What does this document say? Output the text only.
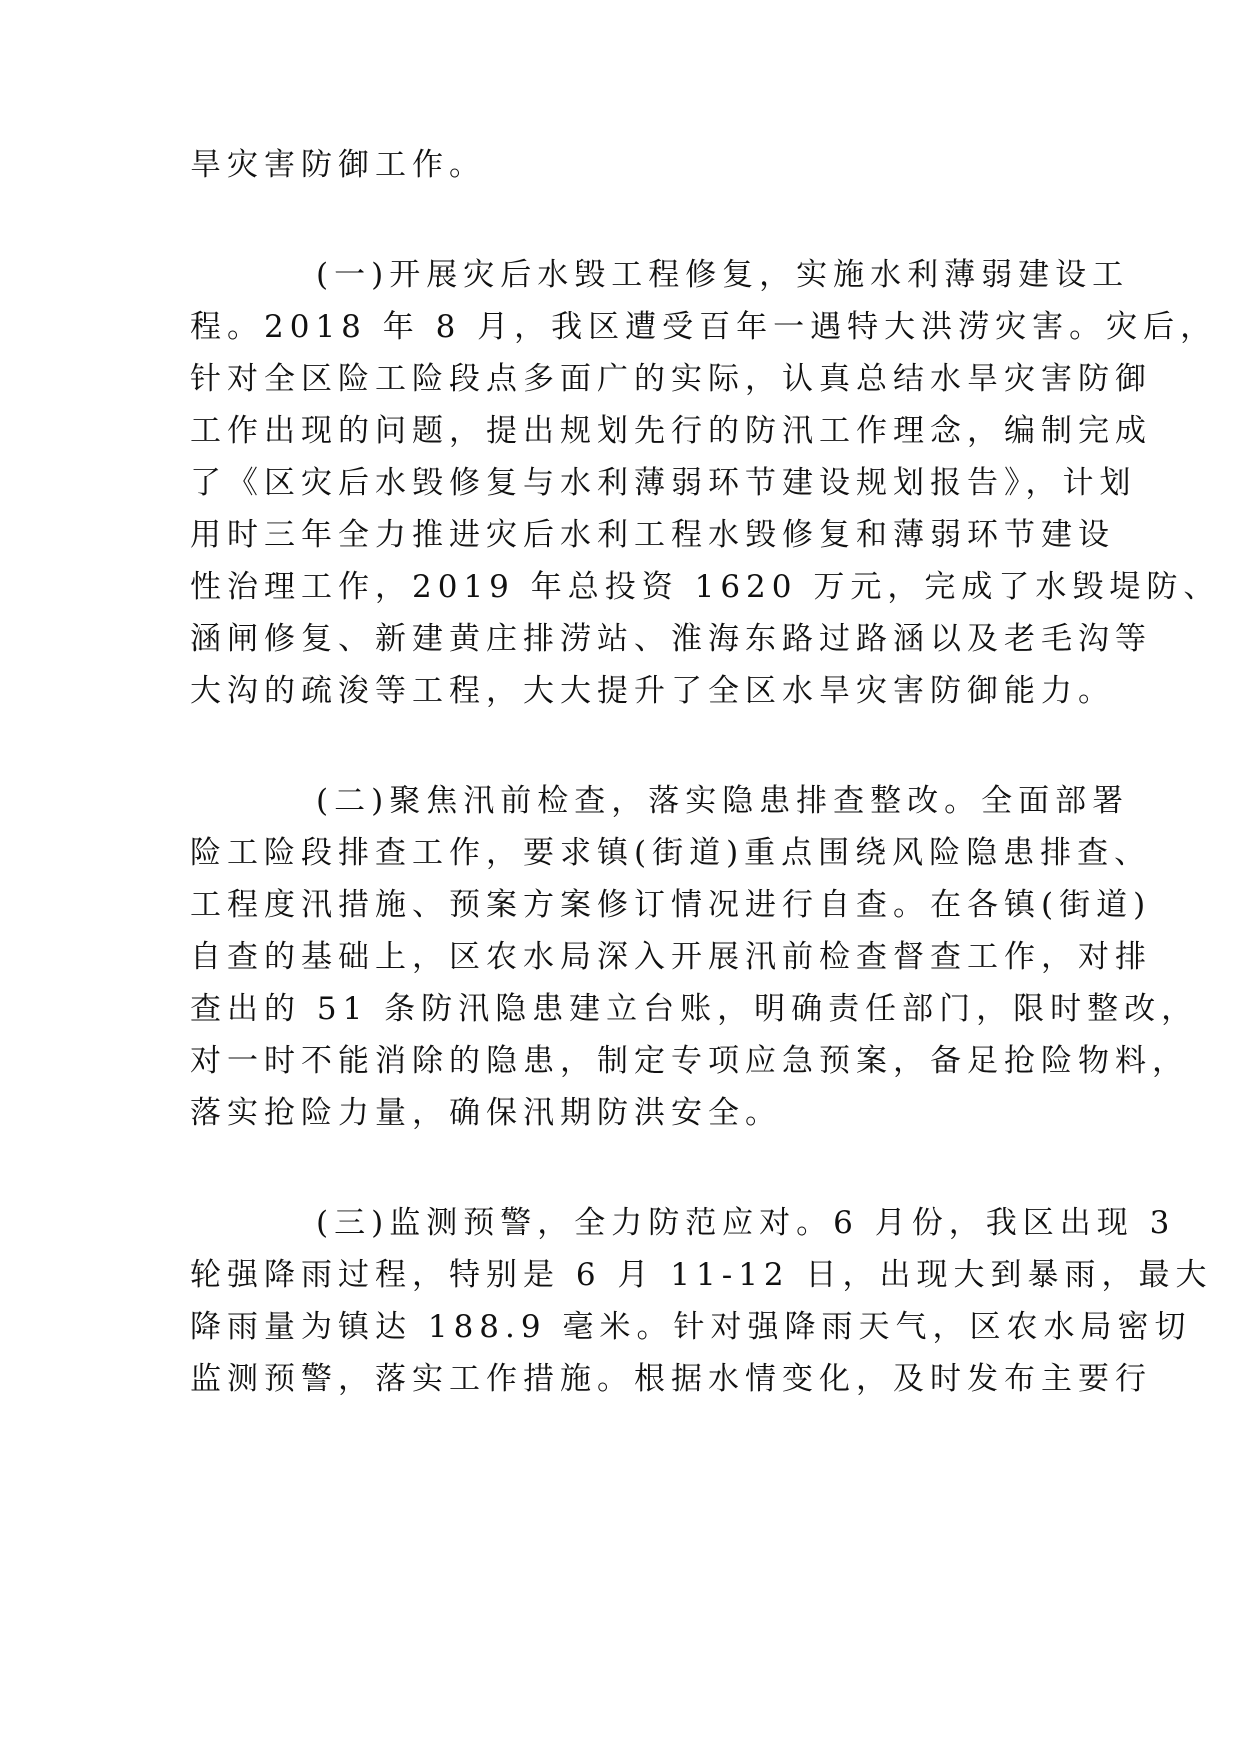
旱灾害防御工作。
(一)开展灾后水毁工程修复，实施水利薄弱建设工
程。2018 年 8 月，我区遭受百年一遇特大洪涝灾害。灾后，
针对全区险工险段点多面广的实际，认真总结水旱灾害防御
工作出现的问题，提出规划先行的防汛工作理念，编制完成
了《区灾后水毁修复与水利薄弱环节建设规划报告》，计划
用时三年全力推进灾后水利工程水毁修复和薄弱环节建设
性治理工作，2019 年总投资 1620 万元，完成了水毁堤防、
涵闸修复、新建黄庄排涝站、淮海东路过路涵以及老毛沟等
大沟的疏浚等工程，大大提升了全区水旱灾害防御能力。
(二)聚焦汛前检查，落实隐患排查整改。全面部署
险工险段排查工作，要求镇(街道)重点围绕风险隐患排查、
工程度汛措施、预案方案修订情况进行自查。在各镇(街道)
自查的基础上，区农水局深入开展汛前检查督查工作，对排
查出的 51 条防汛隐患建立台账，明确责任部门，限时整改，
对一时不能消除的隐患，制定专项应急预案，备足抢险物料，
落实抢险力量，确保汛期防洪安全。
(三)监测预警，全力防范应对。6 月份，我区出现 3
轮强降雨过程，特别是 6 月 11-12 日，出现大到暴雨，最大
降雨量为镇达 188.9 毫米。针对强降雨天气，区农水局密切
监测预警，落实工作措施。根据水情变化，及时发布主要行
